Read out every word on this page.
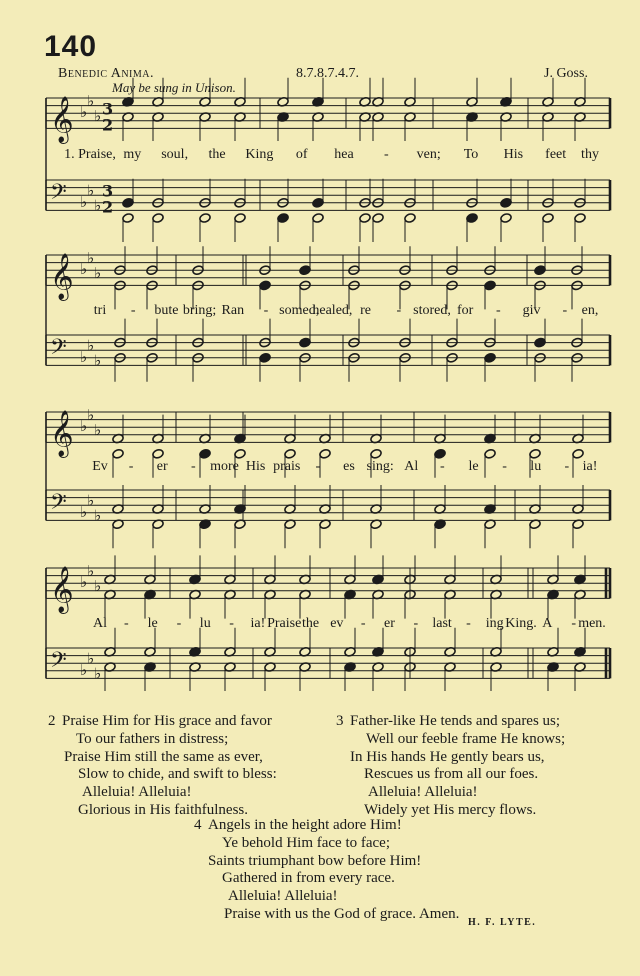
140
Benedic Anima.	8.7.8.7.4.7.	J. Goss.
May be sung in Unison.
𝄞 ♭
♭
♭ 3
2
𝄢 ♭
♭
♭
3
2
𝄞 ♭
♭
♭
𝄢 ♭
♭
♭
𝄞 ♭
♭
♭
𝄢 ♭
♭
♭
𝄞 ♭
♭
♭
𝄢 ♭
♭
♭
1. Praise, my soul, the King of hea - ven; To His feet thy
tri - bute bring; Ran - somed,
healed, re - stored, for - giv - en,
Ev - er - more His prais - es sing: Al - le - lu - ia!
Al - le - lu - ia! Praise the ev - er - last - ing King. A - men.
2 Praise Him for His grace and favor
To our fathers in distress;
Praise Him still the same as ever,
Slow to chide, and swift to bless:
Alleluia! Alleluia!
Glorious in His faithfulness.
3 Father-like He tends and spares us;
Well our feeble frame He knows;
In His hands He gently bears us,
Rescues us from all our foes.
Alleluia! Alleluia!
Widely yet His mercy flows.
4 Angels in the height adore Him!
Ye behold Him face to face;
Saints triumphant bow before Him!
Gathered in from every race.
Alleluia! Alleluia!
Praise with us the God of grace. Amen.
H. F. LYTE.
